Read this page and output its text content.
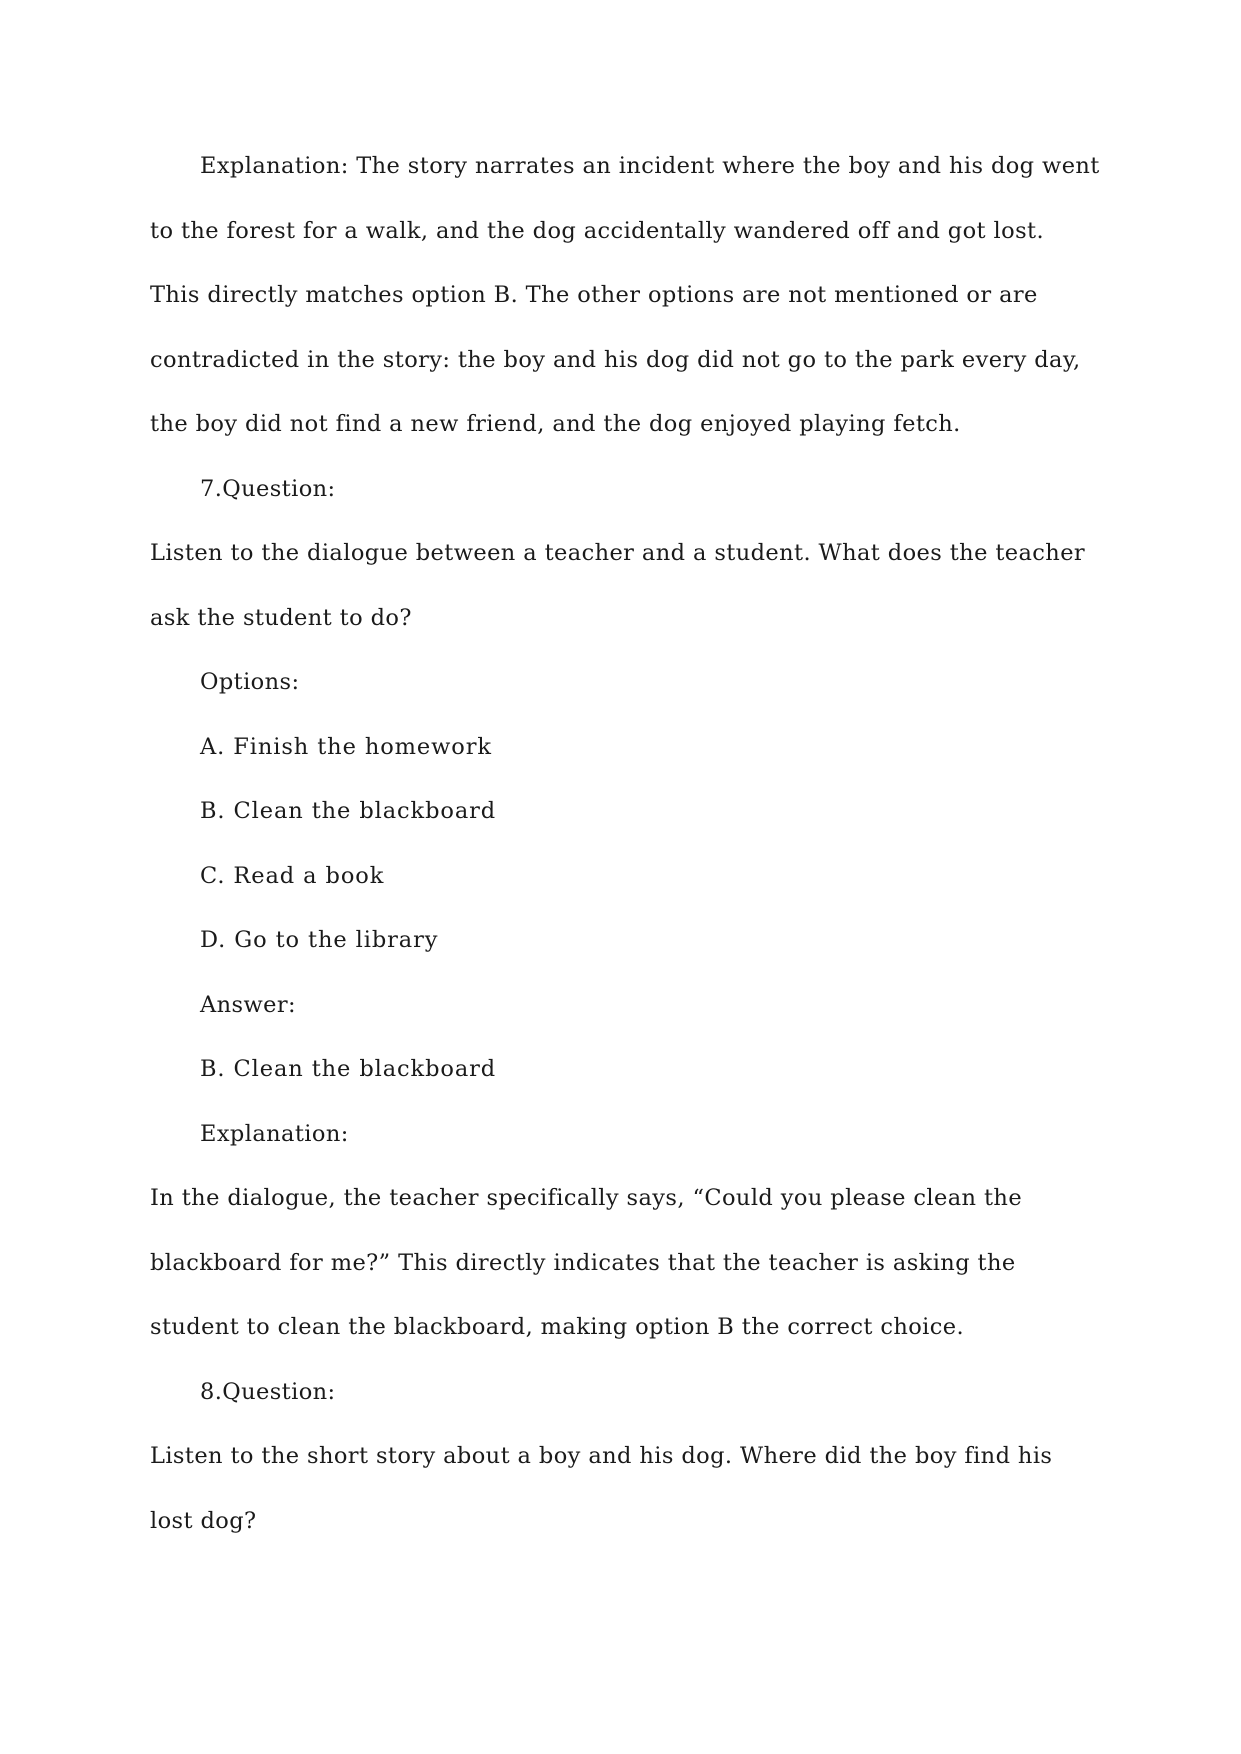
Explanation: The story narrates an incident where the boy and his dog went
to the forest for a walk, and the dog accidentally wandered off and got lost.
This directly matches option B. The other options are not mentioned or are
contradicted in the story: the boy and his dog did not go to the park every day,
the boy did not find a new friend, and the dog enjoyed playing fetch.
7.Question:
Listen to the dialogue between a teacher and a student. What does the teacher
ask the student to do?
Options:
A. Finish the homework
B. Clean the blackboard
C. Read a book
D. Go to the library
Answer:
B. Clean the blackboard
Explanation:
In the dialogue, the teacher specifically says, “Could you please clean the
blackboard for me?” This directly indicates that the teacher is asking the
student to clean the blackboard, making option B the correct choice.
8.Question:
Listen to the short story about a boy and his dog. Where did the boy find his
lost dog?
